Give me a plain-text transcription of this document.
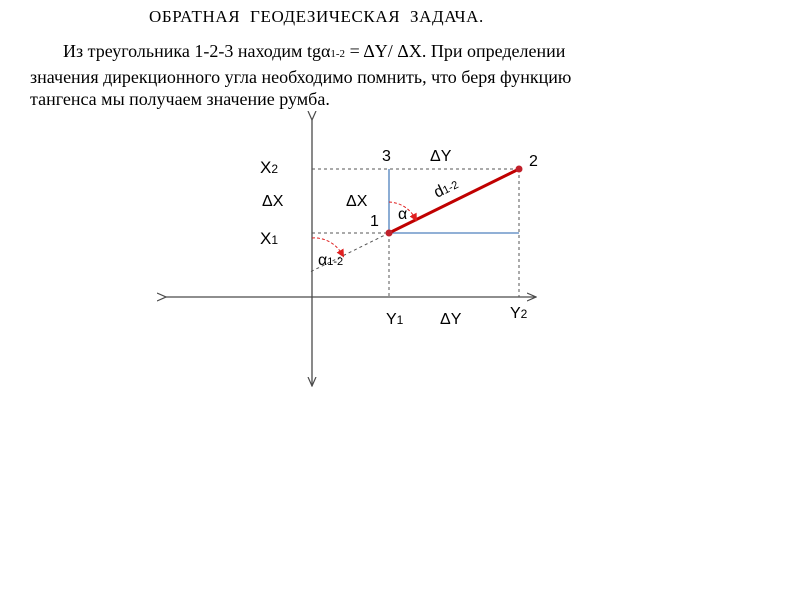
ОБРАТНАЯ ГЕОДЕЗИЧЕСКАЯ ЗАДАЧА.
Из треугольника 1-2-3 находим tgα1-2 = ΔY/ ΔX. При определении
значения дирекционного угла необходимо помнить, что беря функцию
тангенса мы получаем значение румба.
X2
ΔX
X1
3 ΔY	2
ΔX
1 α
d1-2
α1-2
Y1 ΔY	Y2
